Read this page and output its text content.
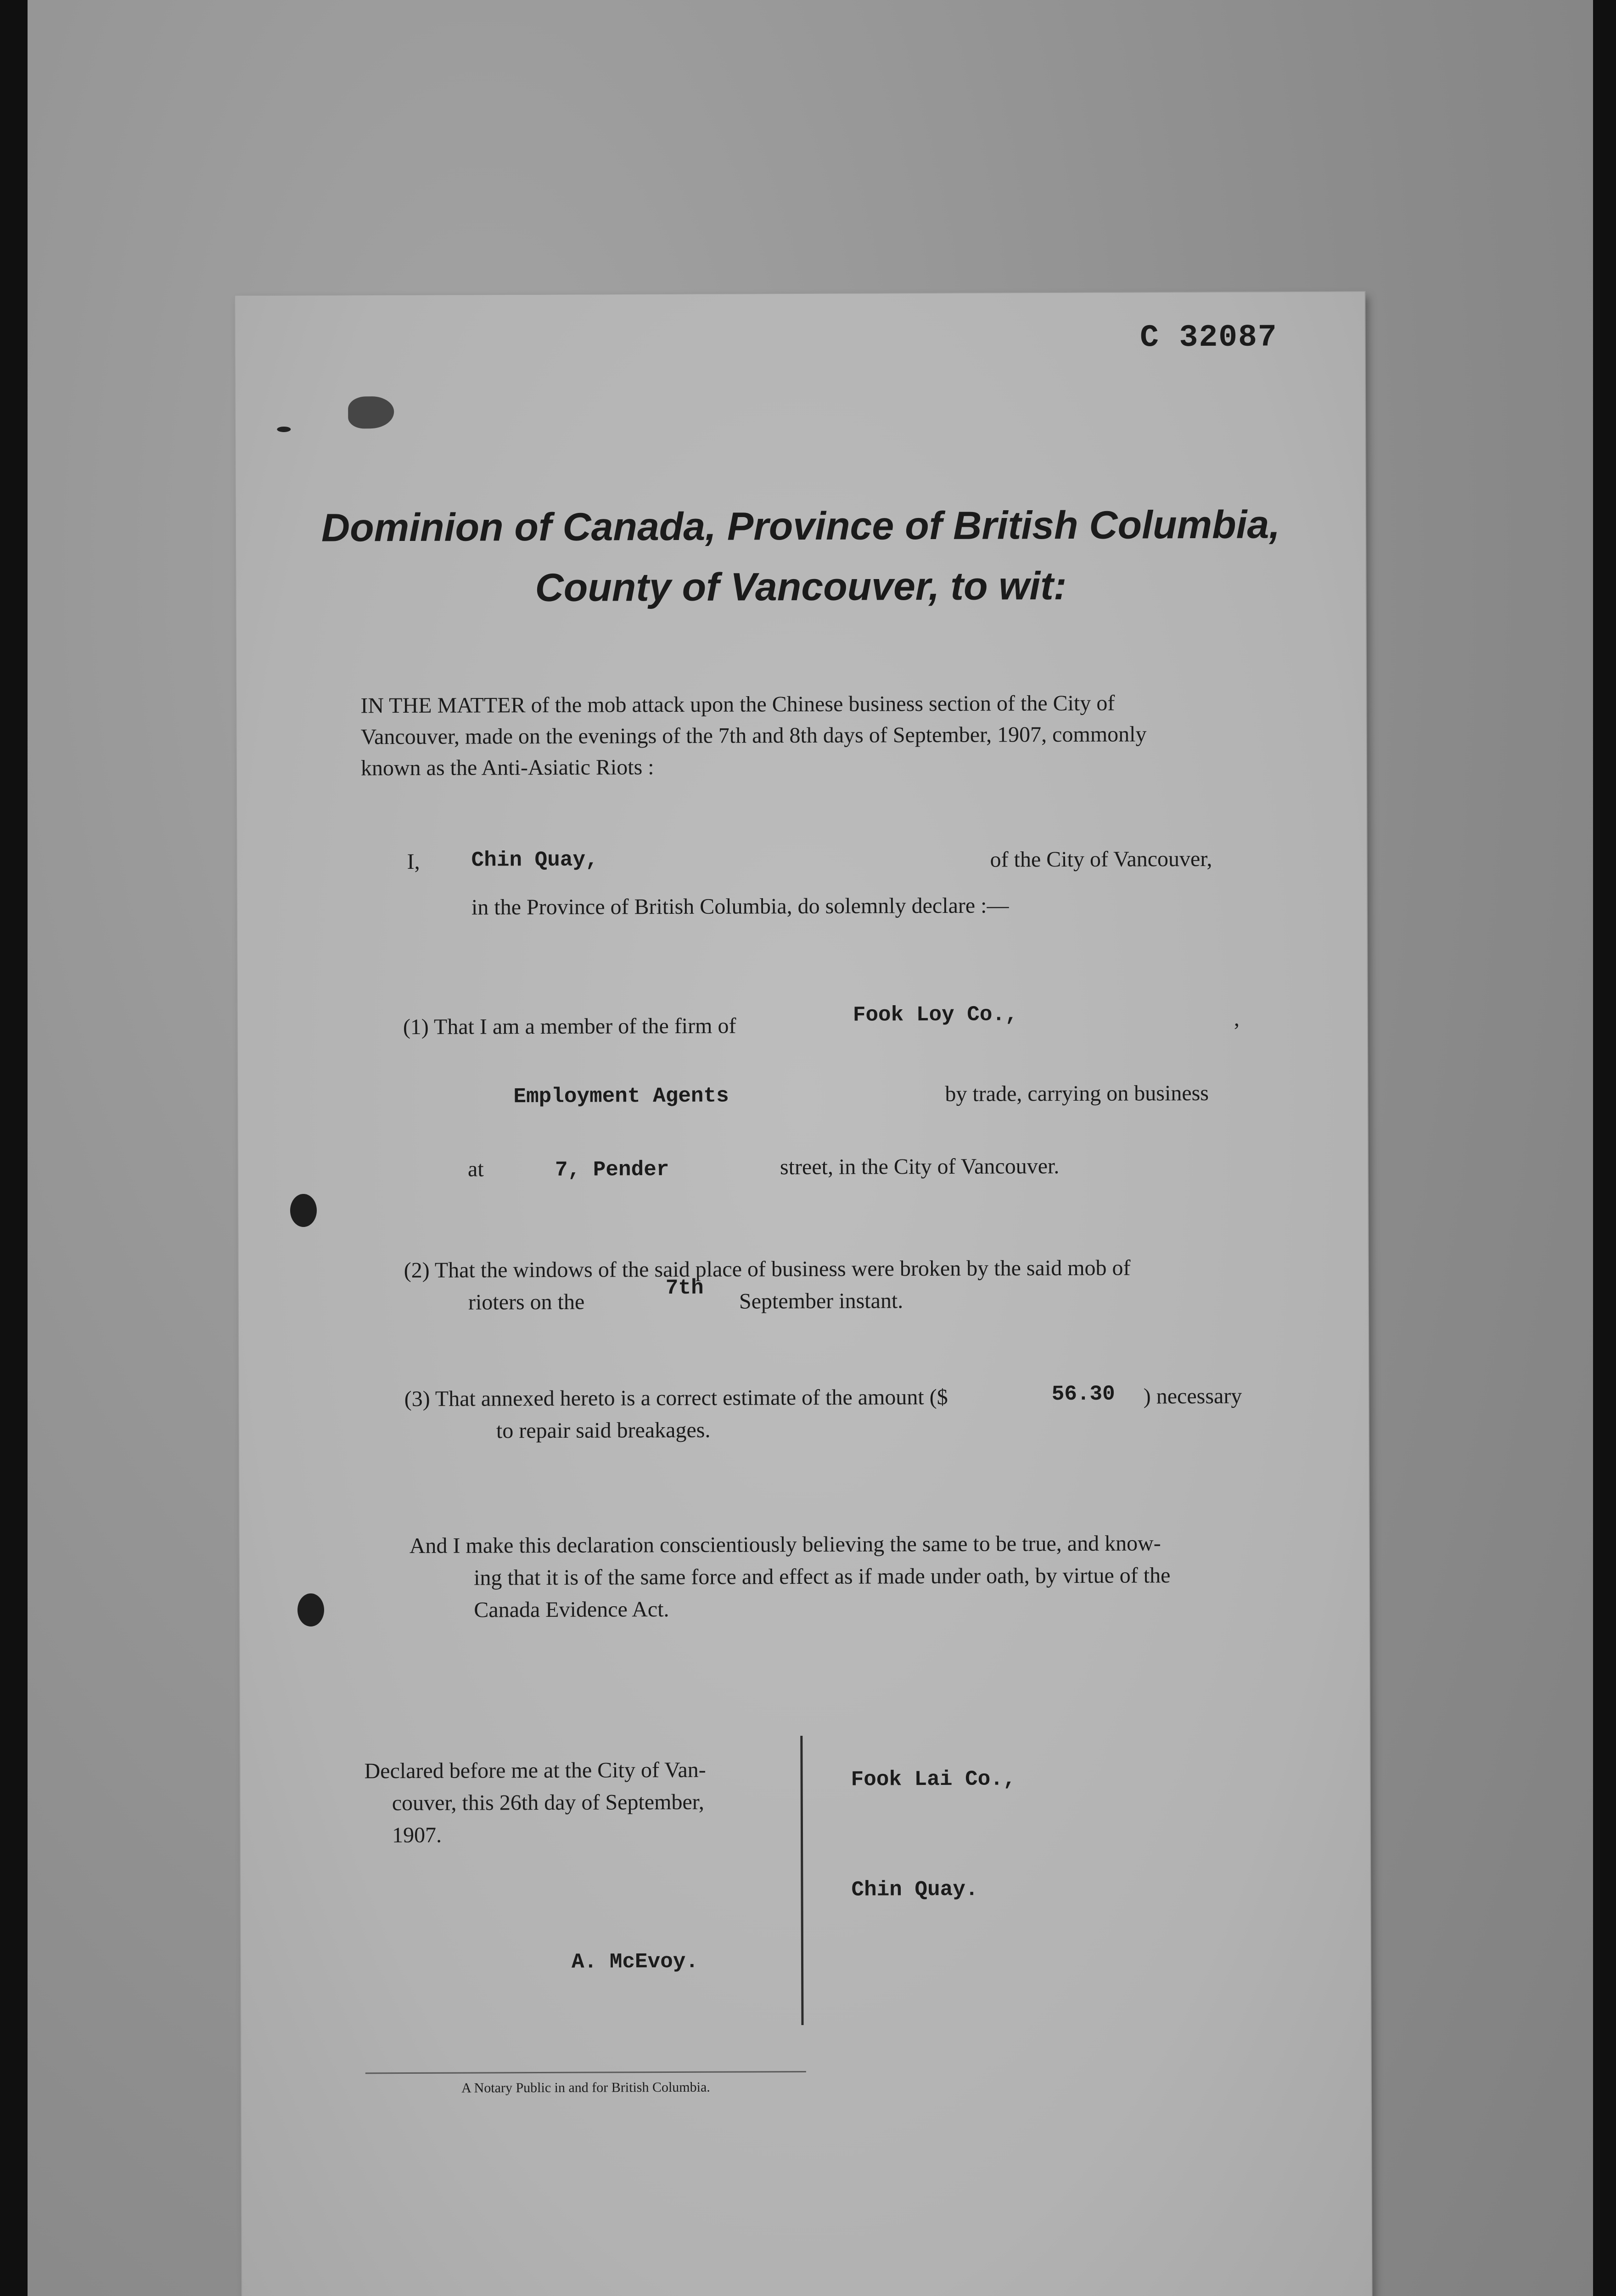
C 32087
Dominion of Canada, Province of British Columbia,
County of Vancouver, to wit:
IN THE MATTER of the mob attack upon the Chinese business section of the City of
Vancouver, made on the evenings of the 7th and 8th days of September, 1907, commonly
known as the Anti-Asiatic Riots :
I, Chin Quay,	of the City of Vancouver,
in the Province of British Columbia, do solemnly declare :—
(1) That I am a member of the firm of	Fook Loy Co.,	,
Employment Agents	by trade, carrying on business
at	7, Pender	street, in the City of Vancouver.
(2) That the windows of the said place of business were broken by the said mob of
rioters on the
7th
September instant.
(3) That annexed hereto is a correct estimate of the amount ($	56.30 ) necessary
to repair said breakages.
And I make this declaration conscientiously believing the same to be true, and know-
ing that it is of the same force and effect as if made under oath, by virtue of the
Canada Evidence Act.
Declared before me at the City of Van-
couver, this 26th day of September,
1907.
A. McEvoy.
Fook Lai Co.,
Chin Quay.
A Notary Public in and for British Columbia.
